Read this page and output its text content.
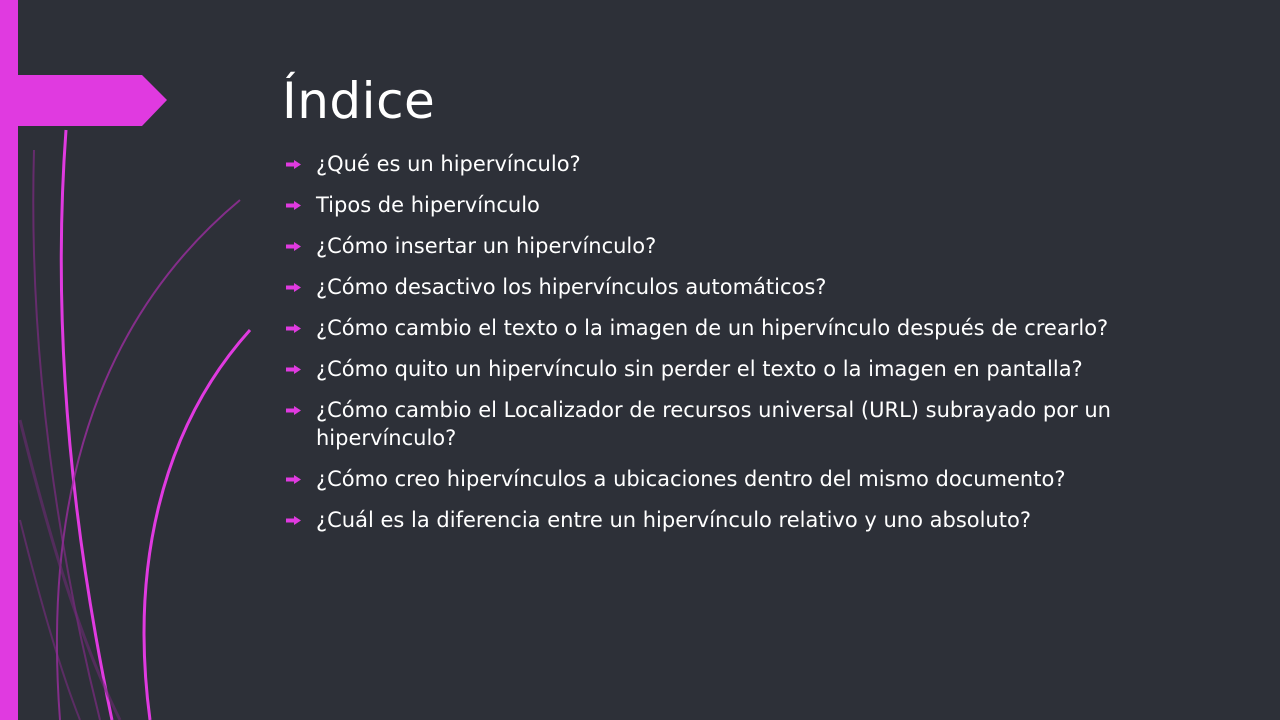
Índice
¿Qué es un hipervínculo?
Tipos de hipervínculo
¿Cómo insertar un hipervínculo?
¿Cómo desactivo los hipervínculos automáticos?
¿Cómo cambio el texto o la imagen de un hipervínculo después de crearlo?
¿Cómo quito un hipervínculo sin perder el texto o la imagen en pantalla?
¿Cómo cambio el Localizador de recursos universal (URL) subrayado por un hipervínculo?
¿Cómo creo hipervínculos a ubicaciones dentro del mismo documento?
¿Cuál es la diferencia entre un hipervínculo relativo y uno absoluto?
